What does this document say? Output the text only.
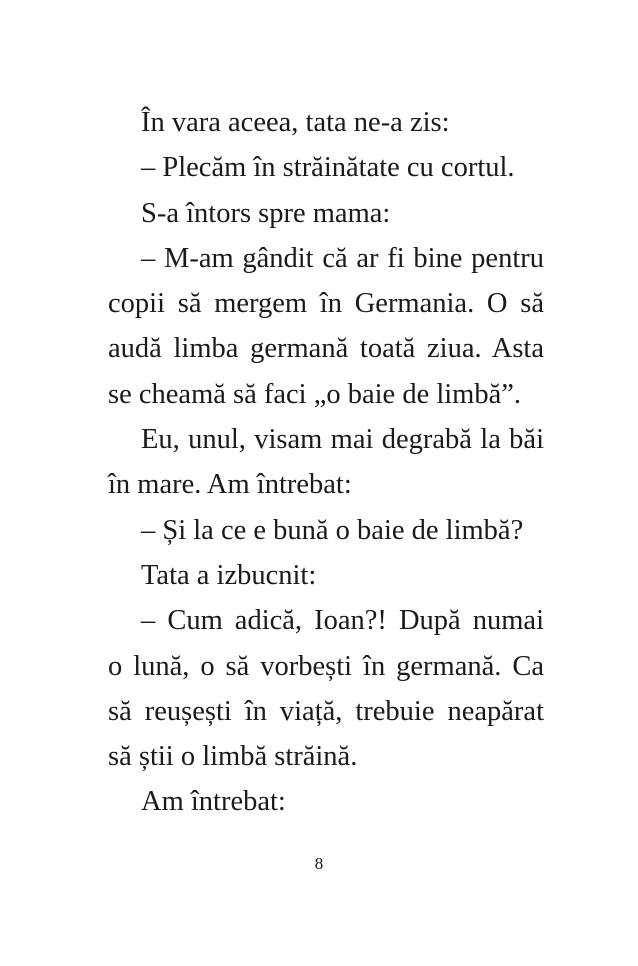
În vara aceea, tata ne-a zis:
– Plecăm în străinătate cu cortul.
S-a întors spre mama:
– M-am gândit că ar fi bine pentru
copii să mergem în Germania. O să
audă limba germană toată ziua. Asta
se cheamă să faci „o baie de limbă”.
Eu, unul, visam mai degrabă la băi
în mare. Am întrebat:
– Și la ce e bună o baie de limbă?
Tata a izbucnit:
– Cum adică, Ioan?! După numai
o lună, o să vorbești în germană. Ca
să reușești în viață, trebuie neapărat
să știi o limbă străină.
Am întrebat:
8
